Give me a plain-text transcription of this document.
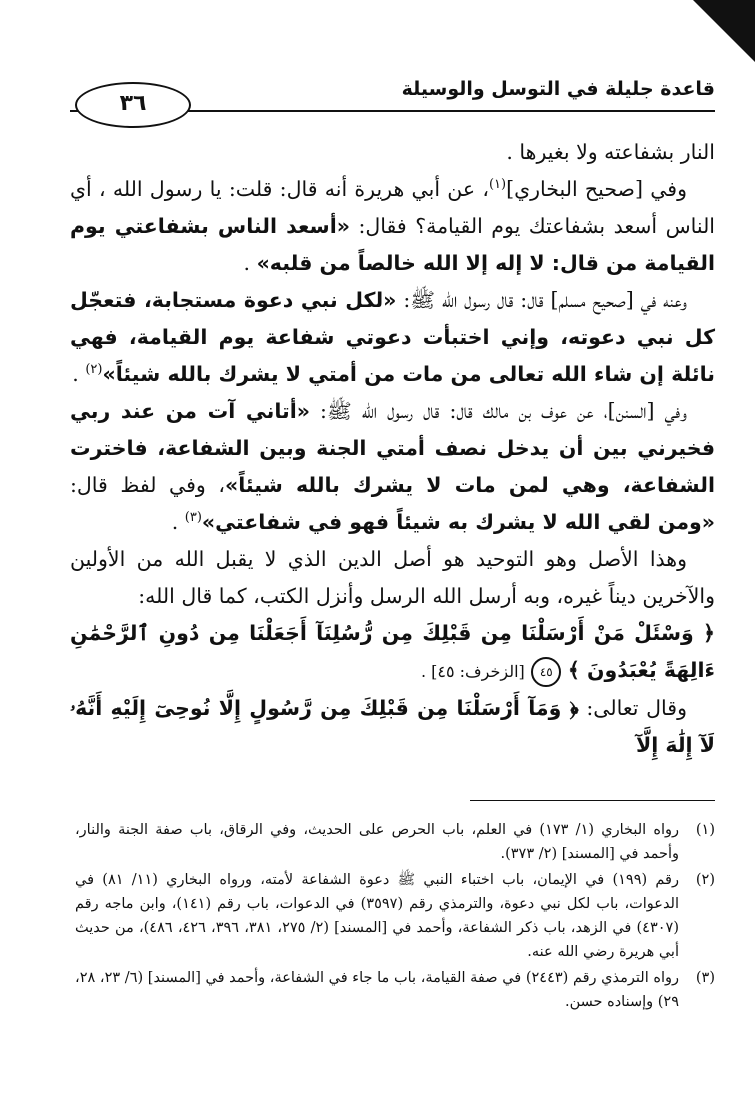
قاعدة جليلة في التوسل والوسيلة
٣٦

النار بشفاعته ولا بغيرها .

وفي [صحيح البخاري]$^{(١)}$، عن أبي هريرة أنه قال: قلت: يا رسول الله ، أي الناس أسعد بشفاعتك يوم القيامة؟ فقال: «أسعد الناس بشفاعتي يوم القيامة من قال: لا إله إلا الله خالصاً من قلبه» .

وعنه في [صحيح مسلم] قال: قال رسول الله ﷺ: «لكل نبي دعوة مستجابة، فتعجّل كل نبي دعوته، وإني اختبأت دعوتي شفاعة يوم القيامة، فهي نائلة إن شاء الله تعالى من مات من أمتي لا يشرك بالله شيئاً»$^{(٢)}$ .

وفي [السنن]، عن عوف بن مالك قال: قال رسول الله ﷺ: «أتاني آت من عند ربي فخيرني بين أن يدخل نصف أمتي الجنة وبين الشفاعة، فاخترت الشفاعة، وهي لمن مات لا يشرك بالله شيئاً»، وفي لفظ قال: «ومن لقي الله لا يشرك به شيئاً فهو في شفاعتي»$^{(٣)}$ .

وهذا الأصل وهو التوحيد هو أصل الدين الذي لا يقبل الله من الأولين والآخرين ديناً غيره، وبه أرسل الله الرسل وأنزل الكتب، كما قال الله:

﴿ وَسْئَلْ مَنْ أَرْسَلْنَا مِن قَبْلِكَ مِن رُّسُلِنَآ أَجَعَلْنَا مِن دُونِ ٱلرَّحْمَٰنِ ءَالِهَةً يُعْبَدُونَ ﴾ ٤٥ [الزخرف: ٤٥] .

وقال تعالى: ﴿ وَمَآ أَرْسَلْنَا مِن قَبْلِكَ مِن رَّسُولٍ إِلَّا نُوحِىٓ إِلَيْهِ أَنَّهُۥ لَآ إِلَٰهَ إِلَّآ

(١)
رواه البخاري (١/ ١٧٣) في العلم، باب الحرص على الحديث، وفي الرقاق، باب صفة الجنة والنار، وأحمد في [المسند] (٢/ ٣٧٣).
(٢)
رقم (١٩٩) في الإيمان، باب اختباء النبي ﷺ دعوة الشفاعة لأمته، ورواه البخاري (١١/ ٨١) في الدعوات، باب لكل نبي دعوة، والترمذي رقم (٣٥٩٧) في الدعوات، باب رقم (١٤١)، وابن ماجه رقم (٤٣٠٧) في الزهد، باب ذكر الشفاعة، وأحمد في [المسند] (٢/ ٢٧٥، ٣٨١، ٣٩٦، ٤٢٦، ٤٨٦)، من حديث أبي هريرة رضي الله عنه.
(٣)
رواه الترمذي رقم (٢٤٤٣) في صفة القيامة، باب ما جاء في الشفاعة، وأحمد في [المسند] (٦/ ٢٣، ٢٨، ٢٩) وإسناده حسن.
